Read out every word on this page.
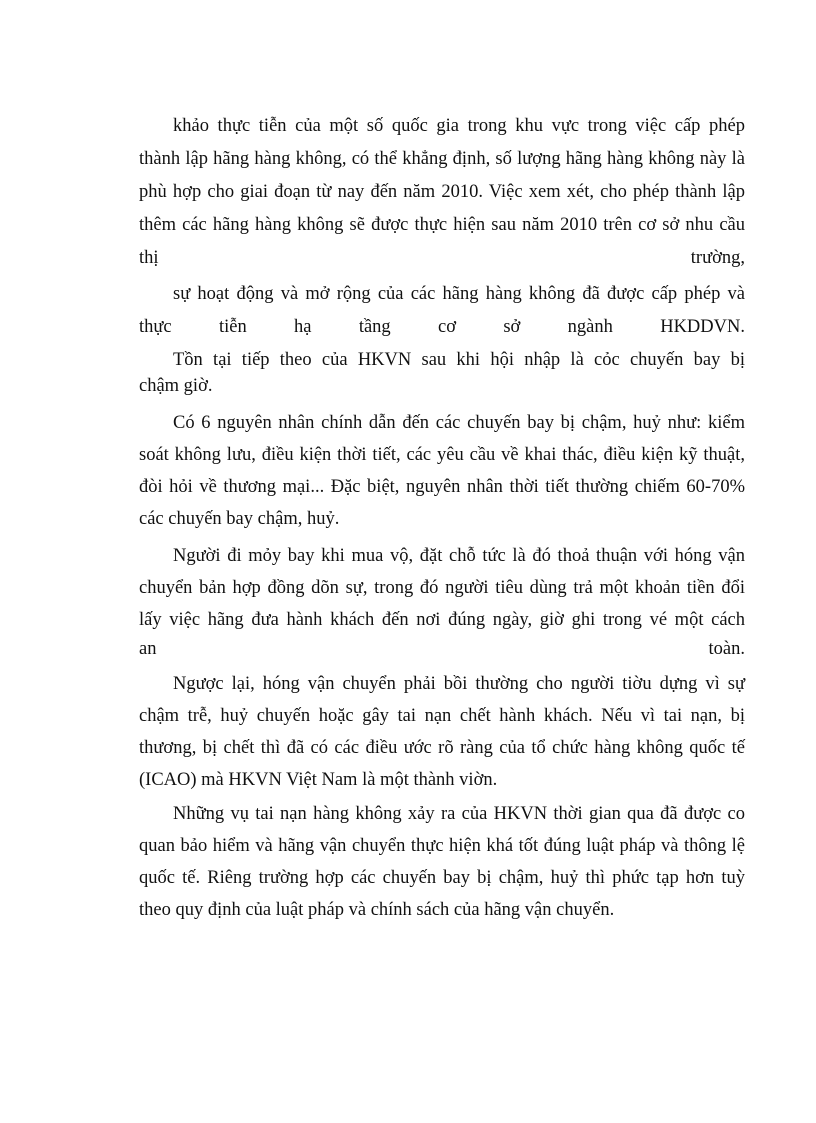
khảo thực tiễn của một số quốc gia trong khu vực trong việc cấp phép
thành lập hãng hàng không, có thể khẳng định, số lượng hãng hàng không này là
phù hợp cho giai đoạn từ nay đến năm 2010. Việc xem xét, cho phép thành lập
thêm các hãng hàng không sẽ được thực hiện sau năm 2010 trên cơ sở nhu cầu
thị trường,
sự hoạt động và mở rộng của các hãng hàng không đã được cấp phép và
thực tiễn hạ tầng cơ sở ngành HKDDVN.
Tồn tại tiếp theo của HKVN sau khi hội nhập là cỏc chuyến bay bị
chậm giờ.
Có 6 nguyên nhân chính dẫn đến các chuyến bay bị chậm, huỷ như: kiểm
soát không lưu, điều kiện thời tiết, các yêu cầu về khai thác, điều kiện kỹ thuật,
đòi hỏi về thương mại... Đặc biệt, nguyên nhân thời tiết thường chiếm 60-70%
các chuyến bay chậm, huỷ.
Người đi mỏy bay khi mua vộ, đặt chỗ tức là đó thoả thuận với hóng vận
chuyển bản hợp đồng dõn sự, trong đó người tiêu dùng trả một khoản tiền đổi
lấy việc hãng đưa hành khách đến nơi đúng ngày, giờ ghi trong vé một cách
an toàn.
Ngược lại, hóng vận chuyển phải bồi thường cho người tiờu dựng vì sự
chậm trễ, huỷ chuyến hoặc gây tai nạn chết hành khách. Nếu vì tai nạn, bị
thương, bị chết thì đã có các điều ước rõ ràng của tổ chức hàng không quốc tế
(ICAO) mà HKVN Việt Nam là một thành viờn.
Những vụ tai nạn hàng không xảy ra của HKVN thời gian qua đã được co
quan bảo hiểm và hãng vận chuyển thực hiện khá tốt đúng luật pháp và thông lệ
quốc tế. Riêng trường hợp các chuyến bay bị chậm, huỷ thì phức tạp hơn tuỳ
theo quy định của luật pháp và chính sách của hãng vận chuyển.
